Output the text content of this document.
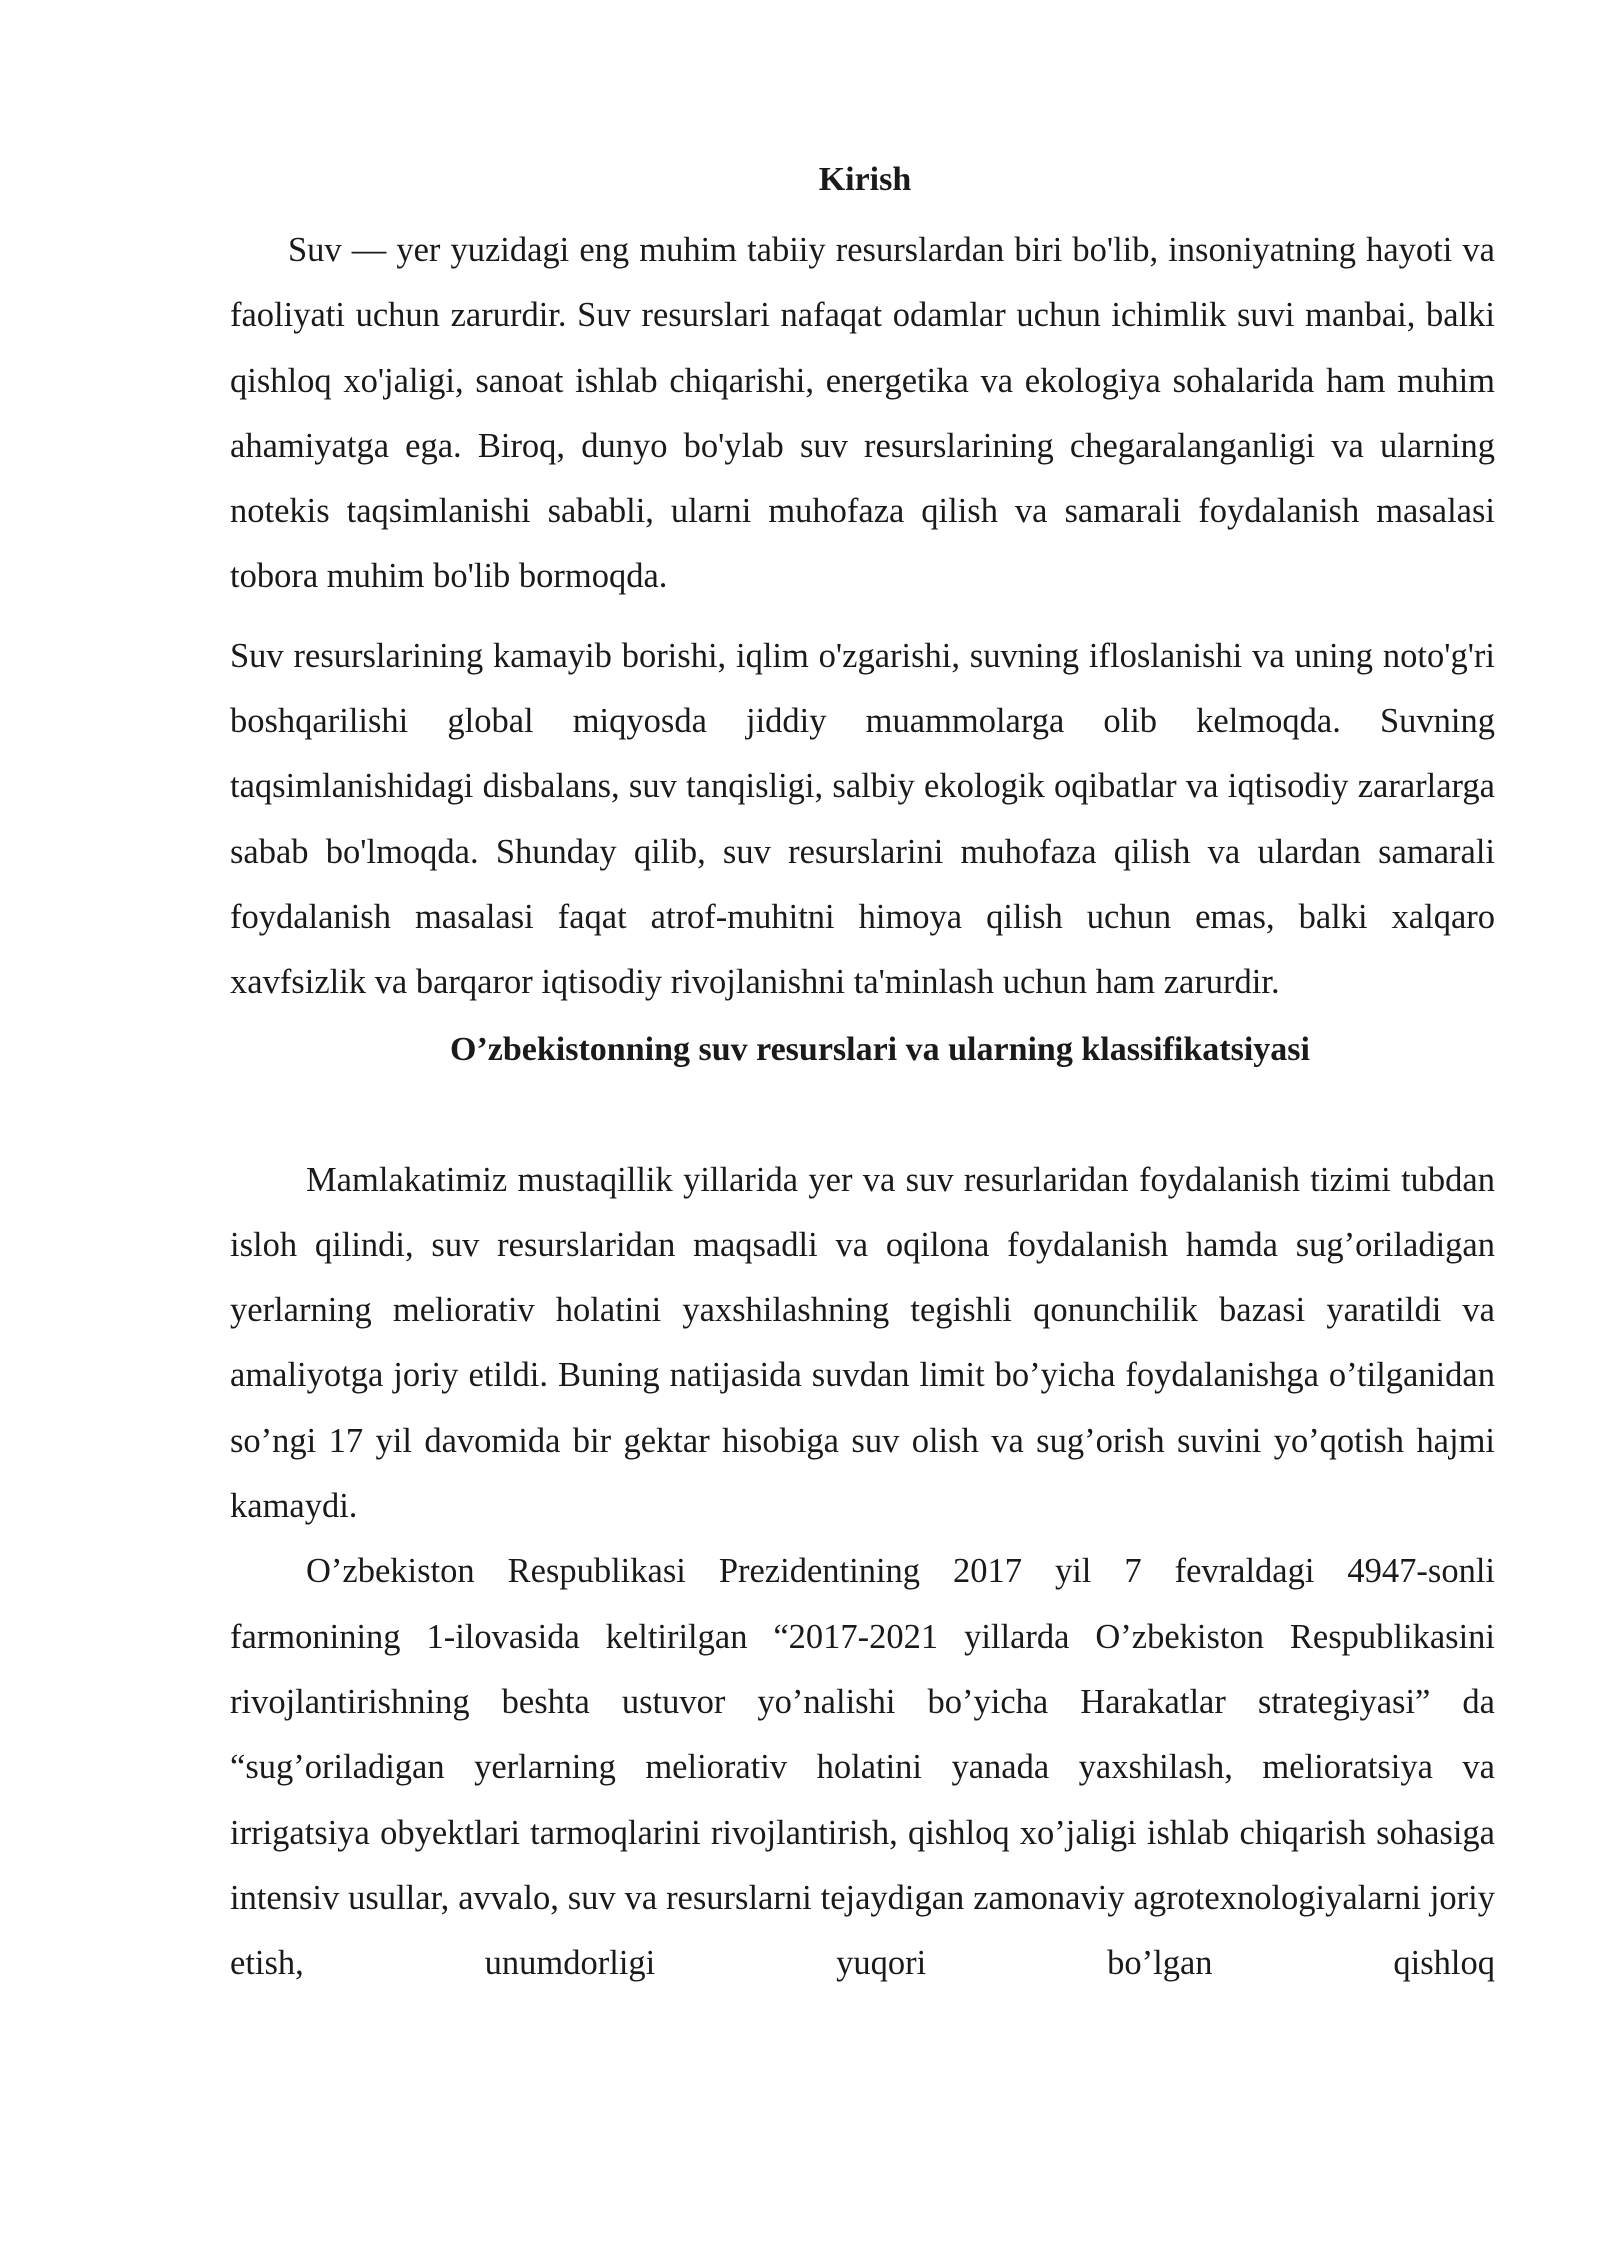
Kirish

Suv — yer yuzidagi eng muhim tabiiy resurslardan biri bo'lib, insoniyatning hayoti va faoliyati uchun zarurdir. Suv resurslari nafaqat odamlar uchun ichimlik suvi manbai, balki qishloq xo'jaligi, sanoat ishlab chiqarishi, energetika va ekologiya sohalarida ham muhim ahamiyatga ega. Biroq, dunyo bo'ylab suv resurslarining chegaralanganligi va ularning notekis taqsimlanishi sababli, ularni muhofaza qilish va samarali foydalanish masalasi tobora muhim bo'lib bormoqda.

Suv resurslarining kamayib borishi, iqlim o'zgarishi, suvning ifloslanishi va uning noto'g'ri boshqarilishi global miqyosda jiddiy muammolarga olib kelmoqda. Suvning taqsimlanishidagi disbalans, suv tanqisligi, salbiy ekologik oqibatlar va iqtisodiy zararlarga sabab bo'lmoqda. Shunday qilib, suv resurslarini muhofaza qilish va ulardan samarali foydalanish masalasi faqat atrof-muhitni himoya qilish uchun emas, balki xalqaro xavfsizlik va barqaror iqtisodiy rivojlanishni ta'minlash uchun ham zarurdir.

O’zbekistonning suv resurslari va ularning klassifikatsiyasi

Mamlakatimiz mustaqillik yillarida yer va suv resurlaridan foydalanish tizimi tubdan isloh qilindi, suv resurslaridan maqsadli va oqilona foydalanish hamda sug’oriladigan yerlarning meliorativ holatini yaxshilashning tegishli qonunchilik bazasi yaratildi va amaliyotga joriy etildi. Buning natijasida suvdan limit bo’yicha foydalanishga o’tilganidan so’ngi 17 yil davomida bir gektar hisobiga suv olish va sug’orish suvini yo’qotish hajmi kamaydi.

O’zbekiston Respublikasi Prezidentining 2017 yil 7 fevraldagi 4947-sonli farmonining 1-ilovasida keltirilgan “2017-2021 yillarda O’zbekiston Respublikasini rivojlantirishning beshta ustuvor yo’nalishi bo’yicha Harakatlar strategiyasi” da “sug’oriladigan yerlarning meliorativ holatini yanada yaxshilash, melioratsiya va irrigatsiya obyektlari tarmoqlarini rivojlantirish, qishloq xo’jaligi ishlab chiqarish sohasiga intensiv usullar, avvalo, suv va resurslarni tejaydigan zamonaviy agrotexnologiyalarni joriy etish, unumdorligi yuqori bo’lgan qishloq
